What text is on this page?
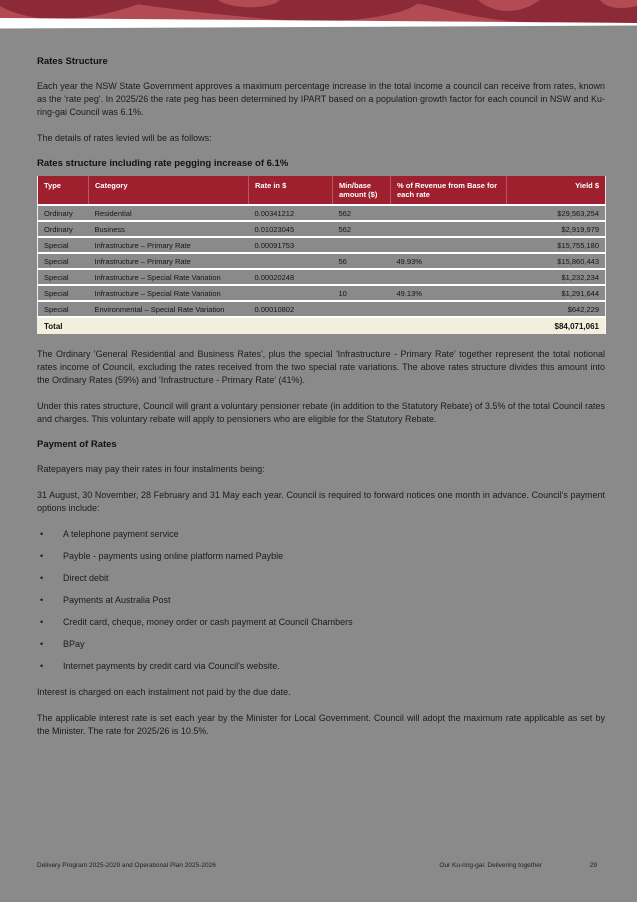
Rates Structure

Each year the NSW State Government approves a maximum percentage increase in the total income a council can receive from rates, known as the 'rate peg'. In 2025/26 the rate peg has been determined by IPART based on a population growth factor for each council in NSW and Ku-ring-gai Council was 6.1%.

The details of rates levied will be as follows:

Rates structure including rate pegging increase of 6.1%
Type	Category	Rate in $	Min/base amount ($)	% of Revenue from Base for each rate	Yield $
Ordinary	Residential	0.00341212	562		$29,563,254
Ordinary	Business	0.01023045	562		$2,919,979
Special	Infrastructure – Primary Rate	0.00091753			$15,755,180
Special	Infrastructure – Primary Rate		56	49.93%	$15,860,443
Special	Infrastructure – Special Rate Variation	0.00020248			$1,232,234
Special	Infrastructure – Special Rate Variation		10	49.13%	$1,291,644
Special	Environmental – Special Rate Variation	0.00010802			$642,229
Total					$84,071,061

The Ordinary 'General Residential and Business Rates', plus the special 'Infrastructure - Primary Rate' together represent the total notional rates income of Council, excluding the rates received from the two special rate variations. The above rates structure divides this amount into the Ordinary Rates (59%) and 'Infrastructure - Primary Rate' (41%).

Under this rates structure, Council will grant a voluntary pensioner rebate (in addition to the Statutory Rebate) of 3.5% of the total Council rates and charges. This voluntary rebate will apply to pensioners who are eligible for the Statutory Rebate.

Payment of Rates

Ratepayers may pay their rates in four instalments being:

31 August, 30 November, 28 February and 31 May each year. Council is required to forward notices one month in advance. Council's payment options include:

• A telephone payment service
• Payble - payments using online platform named Payble
• Direct debit
• Payments at Australia Post
• Credit card, cheque, money order or cash payment at Council Chambers
• BPay
• Internet payments by credit card via Council's website.

Interest is charged on each instalment not paid by the due date.

The applicable interest rate is set each year by the Minister for Local Government. Council will adopt the maximum rate applicable as set by the Minister. The rate for 2025/26 is 10.5%.

Delivery Program 2025-2029 and Operational Plan 2025-2026	Our Ku-ring-gai: Delivering together	29
